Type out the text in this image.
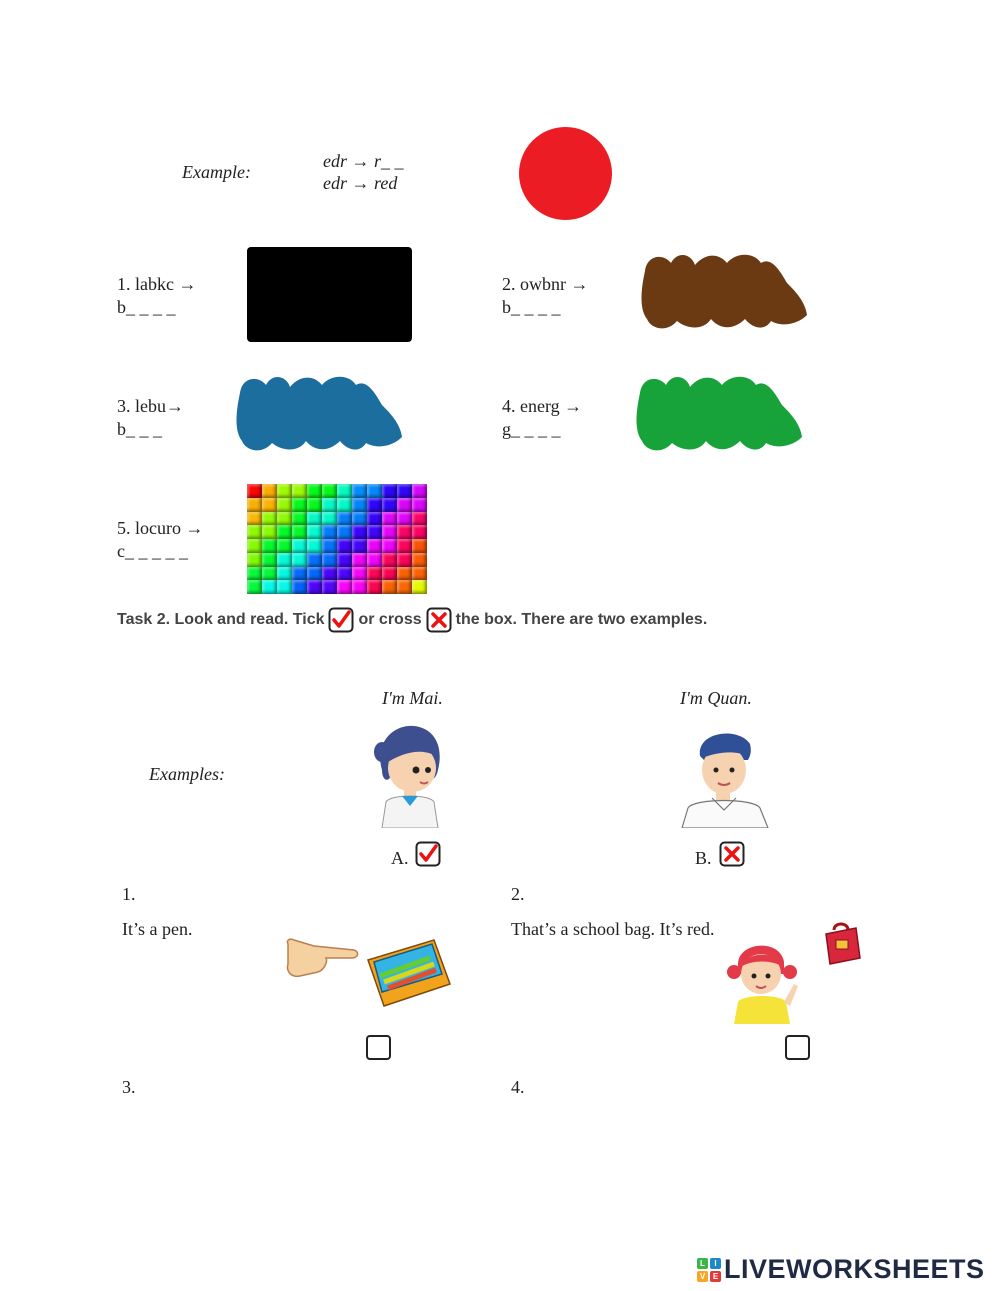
Example:
edr → r_ _
edr → red
1. labkc →
b_ _ _ _
2. owbnr →
b_ _ _ _
3. lebu→
b_ _ _
4. energ →
g_ _ _ _
5. locuro →
c_ _ _ _ _
Task 2. Look and read. Tick or cross ☒ the box. There are two examples.
Examples:
I'm Mai.	I'm Quan.
A.	B.
1.
It’s a pen.
2.
That’s a school bag. It’s red.
3.	4.
L	I
V E LIVEWORKSHEETS
